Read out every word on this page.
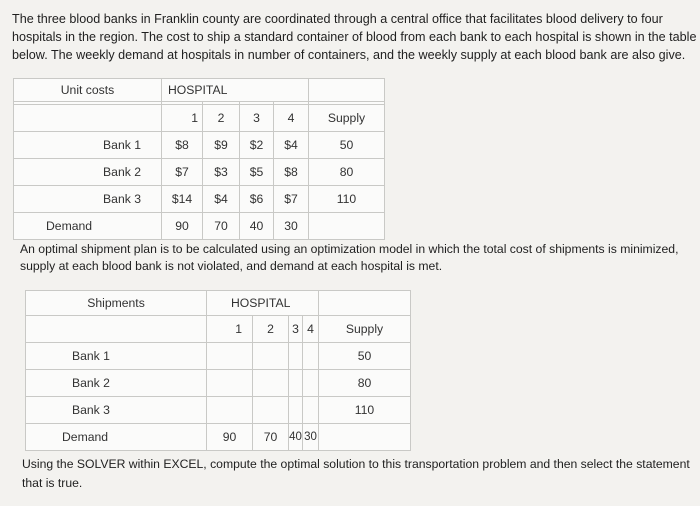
The three blood banks in Franklin county are coordinated through a central office that facilitates blood delivery to four hospitals in the region. The cost to ship a standard container of blood from each bank to each hospital is shown in the table below. The weekly demand at hospitals in number of containers, and the weekly supply at each blood bank are also give.
Unit costs	HOSPITAL				

	1	2	3	4	Supply
Bank 1	$8	$9	$2	$4	50
Bank 2	$7	$3	$5	$8	80
Bank 3	$14	$4	$6	$7	110
Demand	90	70	40	30	
An optimal shipment plan is to be calculated using an optimization model in which the total cost of shipments is minimized, supply at each blood bank is not violated, and demand at each hospital is met.
Shipments	HOSPITAL				
	1	2	3	4	Supply
Bank 1					50
Bank 2					80
Bank 3					110
Demand	90	70	40	30	
Using the SOLVER within EXCEL, compute the optimal solution to this transportation problem and then select the statement that is true.
